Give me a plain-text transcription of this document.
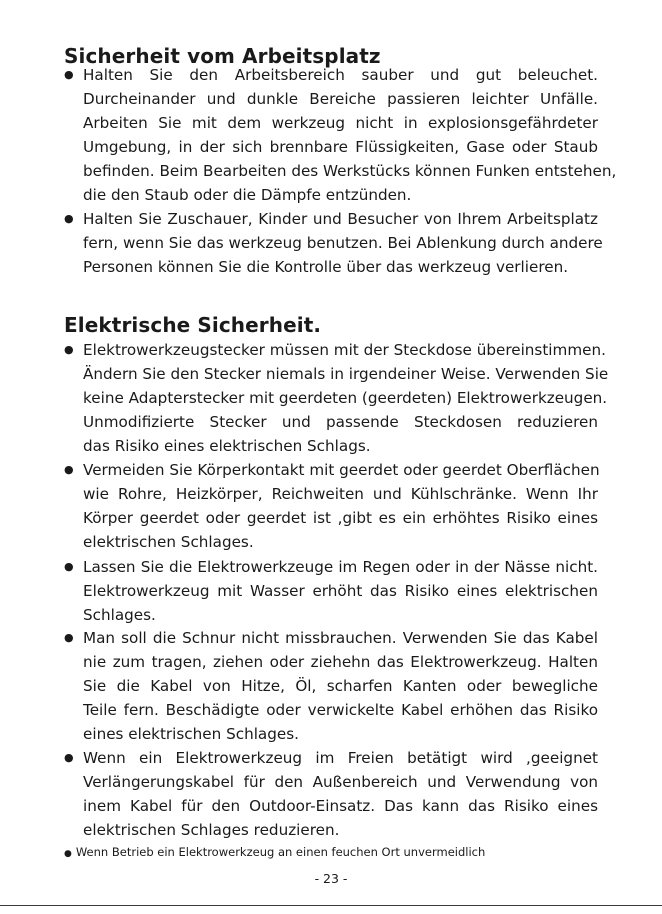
Sicherheit vom Arbeitsplatz
● Halten Sie den Arbeitsbereich sauber und gut beleuchet.
Durcheinander und dunkle Bereiche passieren leichter Unfälle.
Arbeiten Sie mit dem werkzeug nicht in explosionsgefährdeter
Umgebung, in der sich brennbare Flüssigkeiten, Gase oder Staub
befinden. Beim Bearbeiten des Werkstücks können Funken entstehen,
die den Staub oder die Dämpfe entzünden.
● Halten Sie Zuschauer, Kinder und Besucher von Ihrem Arbeitsplatz
fern, wenn Sie das werkzeug benutzen. Bei Ablenkung durch andere
Personen können Sie die Kontrolle über das werkzeug verlieren.
Elektrische Sicherheit.
● Elektrowerkzeugstecker müssen mit der Steckdose übereinstimmen.
Ändern Sie den Stecker niemals in irgendeiner Weise. Verwenden Sie
keine Adapterstecker mit geerdeten (geerdeten) Elektrowerkzeugen.
Unmodifizierte Stecker und passende Steckdosen reduzieren
das Risiko eines elektrischen Schlags.
● Vermeiden Sie Körperkontakt mit geerdet oder geerdet Oberflächen
wie Rohre, Heizkörper, Reichweiten und Kühlschränke. Wenn Ihr
Körper geerdet oder geerdet ist ,gibt es ein erhöhtes Risiko eines
elektrischen Schlages.
● Lassen Sie die Elektrowerkzeuge im Regen oder in der Nässe nicht.
Elektrowerkzeug mit Wasser erhöht das Risiko eines elektrischen
Schlages.
● Man soll die Schnur nicht missbrauchen. Verwenden Sie das Kabel
nie zum tragen, ziehen oder ziehehn das Elektrowerkzeug. Halten
Sie die Kabel von Hitze, Öl, scharfen Kanten oder bewegliche
Teile fern. Beschädigte oder verwickelte Kabel erhöhen das Risiko
eines elektrischen Schlages.
● Wenn ein Elektrowerkzeug im Freien betätigt wird ,geeignet
Verlängerungskabel für den Außenbereich und Verwendung von
inem Kabel für den Outdoor-Einsatz. Das kann das Risiko eines
elektrischen Schlages reduzieren.
● Wenn Betrieb ein Elektrowerkzeug an einen feuchen Ort unvermeidlich
- 23 -
